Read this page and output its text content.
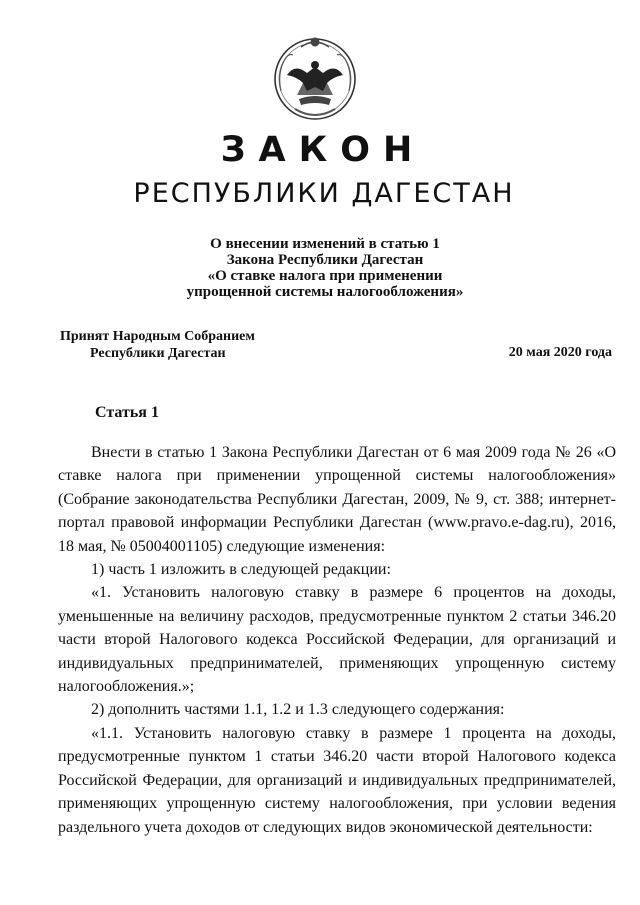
ЗАКОН
РЕСПУБЛИКИ ДАГЕСТАН
О внесении изменений в статью 1
Закона Республики Дагестан
«О ставке налога при применении
упрощенной системы налогообложения»
Принят Народным Собранием
Республики Дагестан	20 мая 2020 года
Статья 1

Внести в статью 1 Закона Республики Дагестан от 6 мая 2009 года № 26 «О ставке налога при применении упрощенной системы налогообложения» (Собрание законодательства Республики Дагестан, 2009, № 9, ст. 388; интернет-портал правовой информации Республики Дагестан (www.pravo.e-dag.ru), 2016, 18 мая, № 05004001105) следующие изменения:

1) часть 1 изложить в следующей редакции:

«1. Установить налоговую ставку в размере 6 процентов на доходы, уменьшенные на величину расходов, предусмотренные пунктом 2 статьи 346.20 части второй Налогового кодекса Российской Федерации, для организаций и индивидуальных предпринимателей, применяющих упрощенную систему налогообложения.»;

2) дополнить частями 1.1, 1.2 и 1.3 следующего содержания:

«1.1. Установить налоговую ставку в размере 1 процента на доходы, предусмотренные пунктом 1 статьи 346.20 части второй Налогового кодекса Российской Федерации, для организаций и индивидуальных предпринимателей, применяющих упрощенную систему налогообложения, при условии ведения раздельного учета доходов от следующих видов экономической деятельности:
